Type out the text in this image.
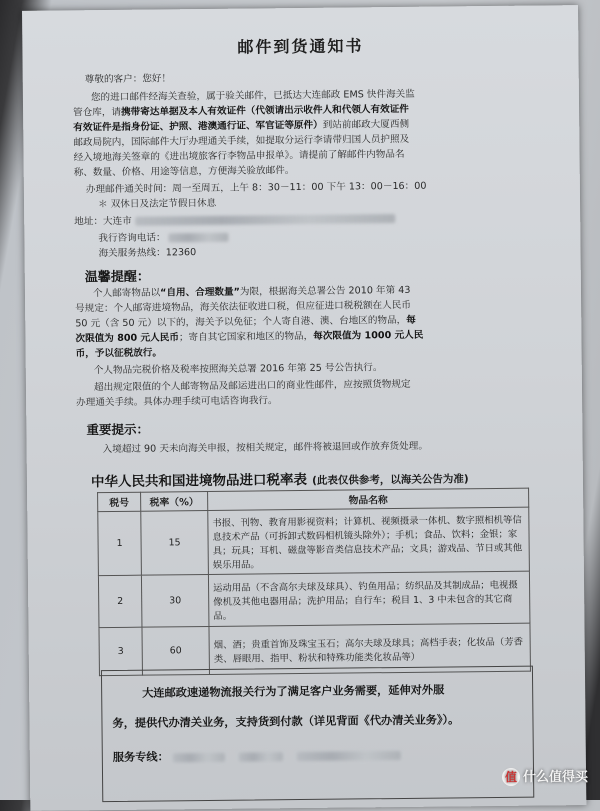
邮件到货通知书
尊敬的客户：您好！
您的进口邮件经海关查验，属于验关邮件，已抵达大连邮政 EMS 快件海关监
管仓库，请携带寄达单据及本人有效证件（代领请出示收件人和代领人有效证件
有效证件是指身份证、护照、港澳通行证、军官证等原件）到站前邮政大厦西侧
邮政局院内，国际邮件大厅办理通关手续，如提取分运行李请带归国人员护照及
经入境地海关签章的《进出境旅客行李物品申报单》。请提前了解邮件内物品名
称、数量、价格、用途等信息，方便海关验放邮件。
办理邮件通关时间：周一至周五，上午 8：30－11：00 下午 13：00－16：00
＊ 双休日及法定节假日休息
地址：大连市
我行咨询电话：
海关服务热线：12360
温馨提醒：
个人邮寄物品以“自用、合理数量”为限，根据海关总署公告 2010 年第 43
号规定：个人邮寄进境物品，海关依法征收进口税，但应征进口税税额在人民币
50 元（含 50 元）以下的，海关予以免征；个人寄自港、澳、台地区的物品，每
次限值为 800 元人民币；寄自其它国家和地区的物品，每次限值为 1000 元人民
币，予以征税放行。
个人物品完税价格及税率按照海关总署 2016 年第 25 号公告执行。
超出规定限值的个人邮寄物品及邮运进出口的商业性邮件，应按照货物规定
办理通关手续。具体办理手续可电话咨询我行。
重要提示：
入境超过 90 天未向海关申报，按相关规定，邮件将被退回或作放弃货处理。
中华人民共和国进境物品进口税率表 (此表仅供参考，以海关公告为准)
税号	税率（%）	物品名称
1	15	书报、刊物、教育用影视资料；计算机、视频摄录一体机、数字照相机等信息技术产品（可拆卸式数码相机镜头除外）；手机；食品、饮料；金银；家具；玩具；耳机、磁盘等影音类信息技术产品；文具；游戏品、节日或其他娱乐用品。
2	30	运动用品（不含高尔夫球及球具）、钓鱼用品；纺织品及其制成品；电视摄像机及其他电器用品；洗护用品；自行车；税目 1、3 中未包含的其它商品。
3	60	烟、酒；贵重首饰及珠宝玉石；高尔夫球及球具；高档手表；化妆品（芳香类、唇眼用、指甲、粉状和特殊功能类化妆品等）
大连邮政速递物流报关行为了满足客户业务需要，延伸对外服
务，提供代办清关业务，支持货到付款（详见背面《代办清关业务》）。
服务专线：
值 什么值得买
